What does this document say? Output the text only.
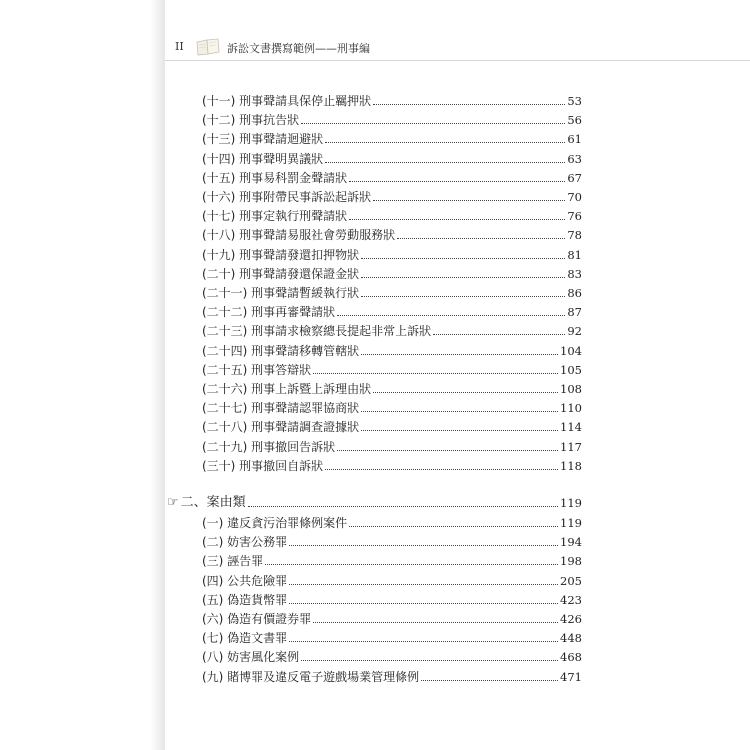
II	訴訟文書撰寫範例——刑事編
(十一) 刑事聲請具保停止羈押狀	53
(十二) 刑事抗告狀	56
(十三) 刑事聲請迴避狀	61
(十四) 刑事聲明異議狀	63
(十五) 刑事易科罰金聲請狀	67
(十六) 刑事附帶民事訴訟起訴狀	70
(十七) 刑事定執行刑聲請狀	76
(十八) 刑事聲請易服社會勞動服務狀	78
(十九) 刑事聲請發還扣押物狀	81
(二十) 刑事聲請發還保證金狀	83
(二十一) 刑事聲請暫緩執行狀	86
(二十二) 刑事再審聲請狀	87
(二十三) 刑事請求檢察總長提起非常上訴狀	92
(二十四) 刑事聲請移轉管轄狀	104
(二十五) 刑事答辯狀	105
(二十六) 刑事上訴暨上訴理由狀	108
(二十七) 刑事聲請認罪協商狀	110
(二十八) 刑事聲請調查證據狀	114
(二十九) 刑事撤回告訴狀	117
(三十) 刑事撤回自訴狀	118
☞ 二、案由類	119
(一) 違反貪污治罪條例案件	119
(二) 妨害公務罪	194
(三) 誣告罪	198
(四) 公共危險罪	205
(五) 偽造貨幣罪	423
(六) 偽造有價證券罪	426
(七) 偽造文書罪	448
(八) 妨害風化案例	468
(九) 賭博罪及違反電子遊戲場業管理條例	471
